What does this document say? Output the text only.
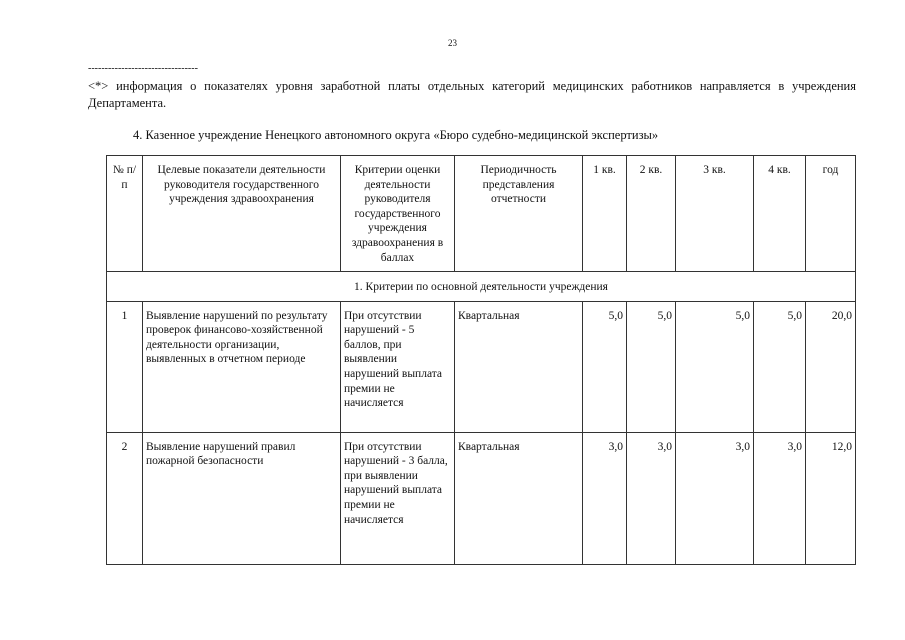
23
---------------------------------
<*> информация о показателях уровня заработной платы отдельных категорий медицинских работников направляется в учреждения Департамента.
4. Казенное учреждение Ненецкого автономного округа «Бюро судебно-медицинской экспертизы»
№ п/п	Целевые показатели деятельности руководителя государственного учреждения здравоохранения	Критерии оценки деятельности руководителя государственного учреждения здравоохранения в баллах	Периодичность представления отчетности	1 кв.	2 кв.	3 кв.	4 кв.	год
1. Критерии по основной деятельности учреждения								
1	Выявление нарушений по результату проверок финансово-хозяйственной деятельности организации, выявленных в отчетном периоде	При отсутствии нарушений - 5 баллов, при выявлении нарушений выплата премии не начисляется	Квартальная	5,0	5,0	5,0	5,0	20,0
2	Выявление нарушений правил пожарной безопасности	При отсутствии нарушений - 3 балла, при выявлении нарушений выплата премии не начисляется	Квартальная	3,0	3,0	3,0	3,0	12,0
